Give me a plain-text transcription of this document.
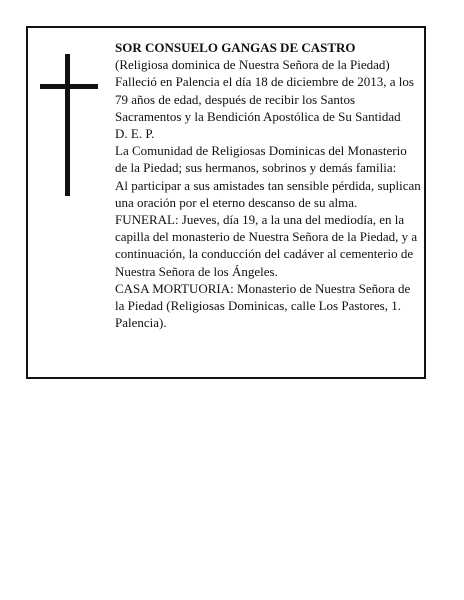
SOR CONSUELO GANGAS DE CASTRO

(Religiosa dominica de Nuestra Señora de la Piedad)

Falleció en Palencia el día 18 de diciembre de 2013, a los 79 años de edad, después de recibir los Santos Sacramentos y la Bendición Apostólica de Su Santidad

D. E. P.

La Comunidad de Religiosas Dominicas del Monasterio de la Piedad; sus hermanos, sobrinos y demás familia:

Al participar a sus amistades tan sensible pérdida, suplican una oración por el eterno descanso de su alma.

FUNERAL: Jueves, día 19, a la una del mediodía, en la capilla del monasterio de Nuestra Señora de la Piedad, y a continuación, la conducción del cadáver al cementerio de Nuestra Señora de los Ángeles.

CASA MORTUORIA: Monasterio de Nuestra Señora de la Piedad (Religiosas Dominicas, calle Los Pastores, 1. Palencia).
